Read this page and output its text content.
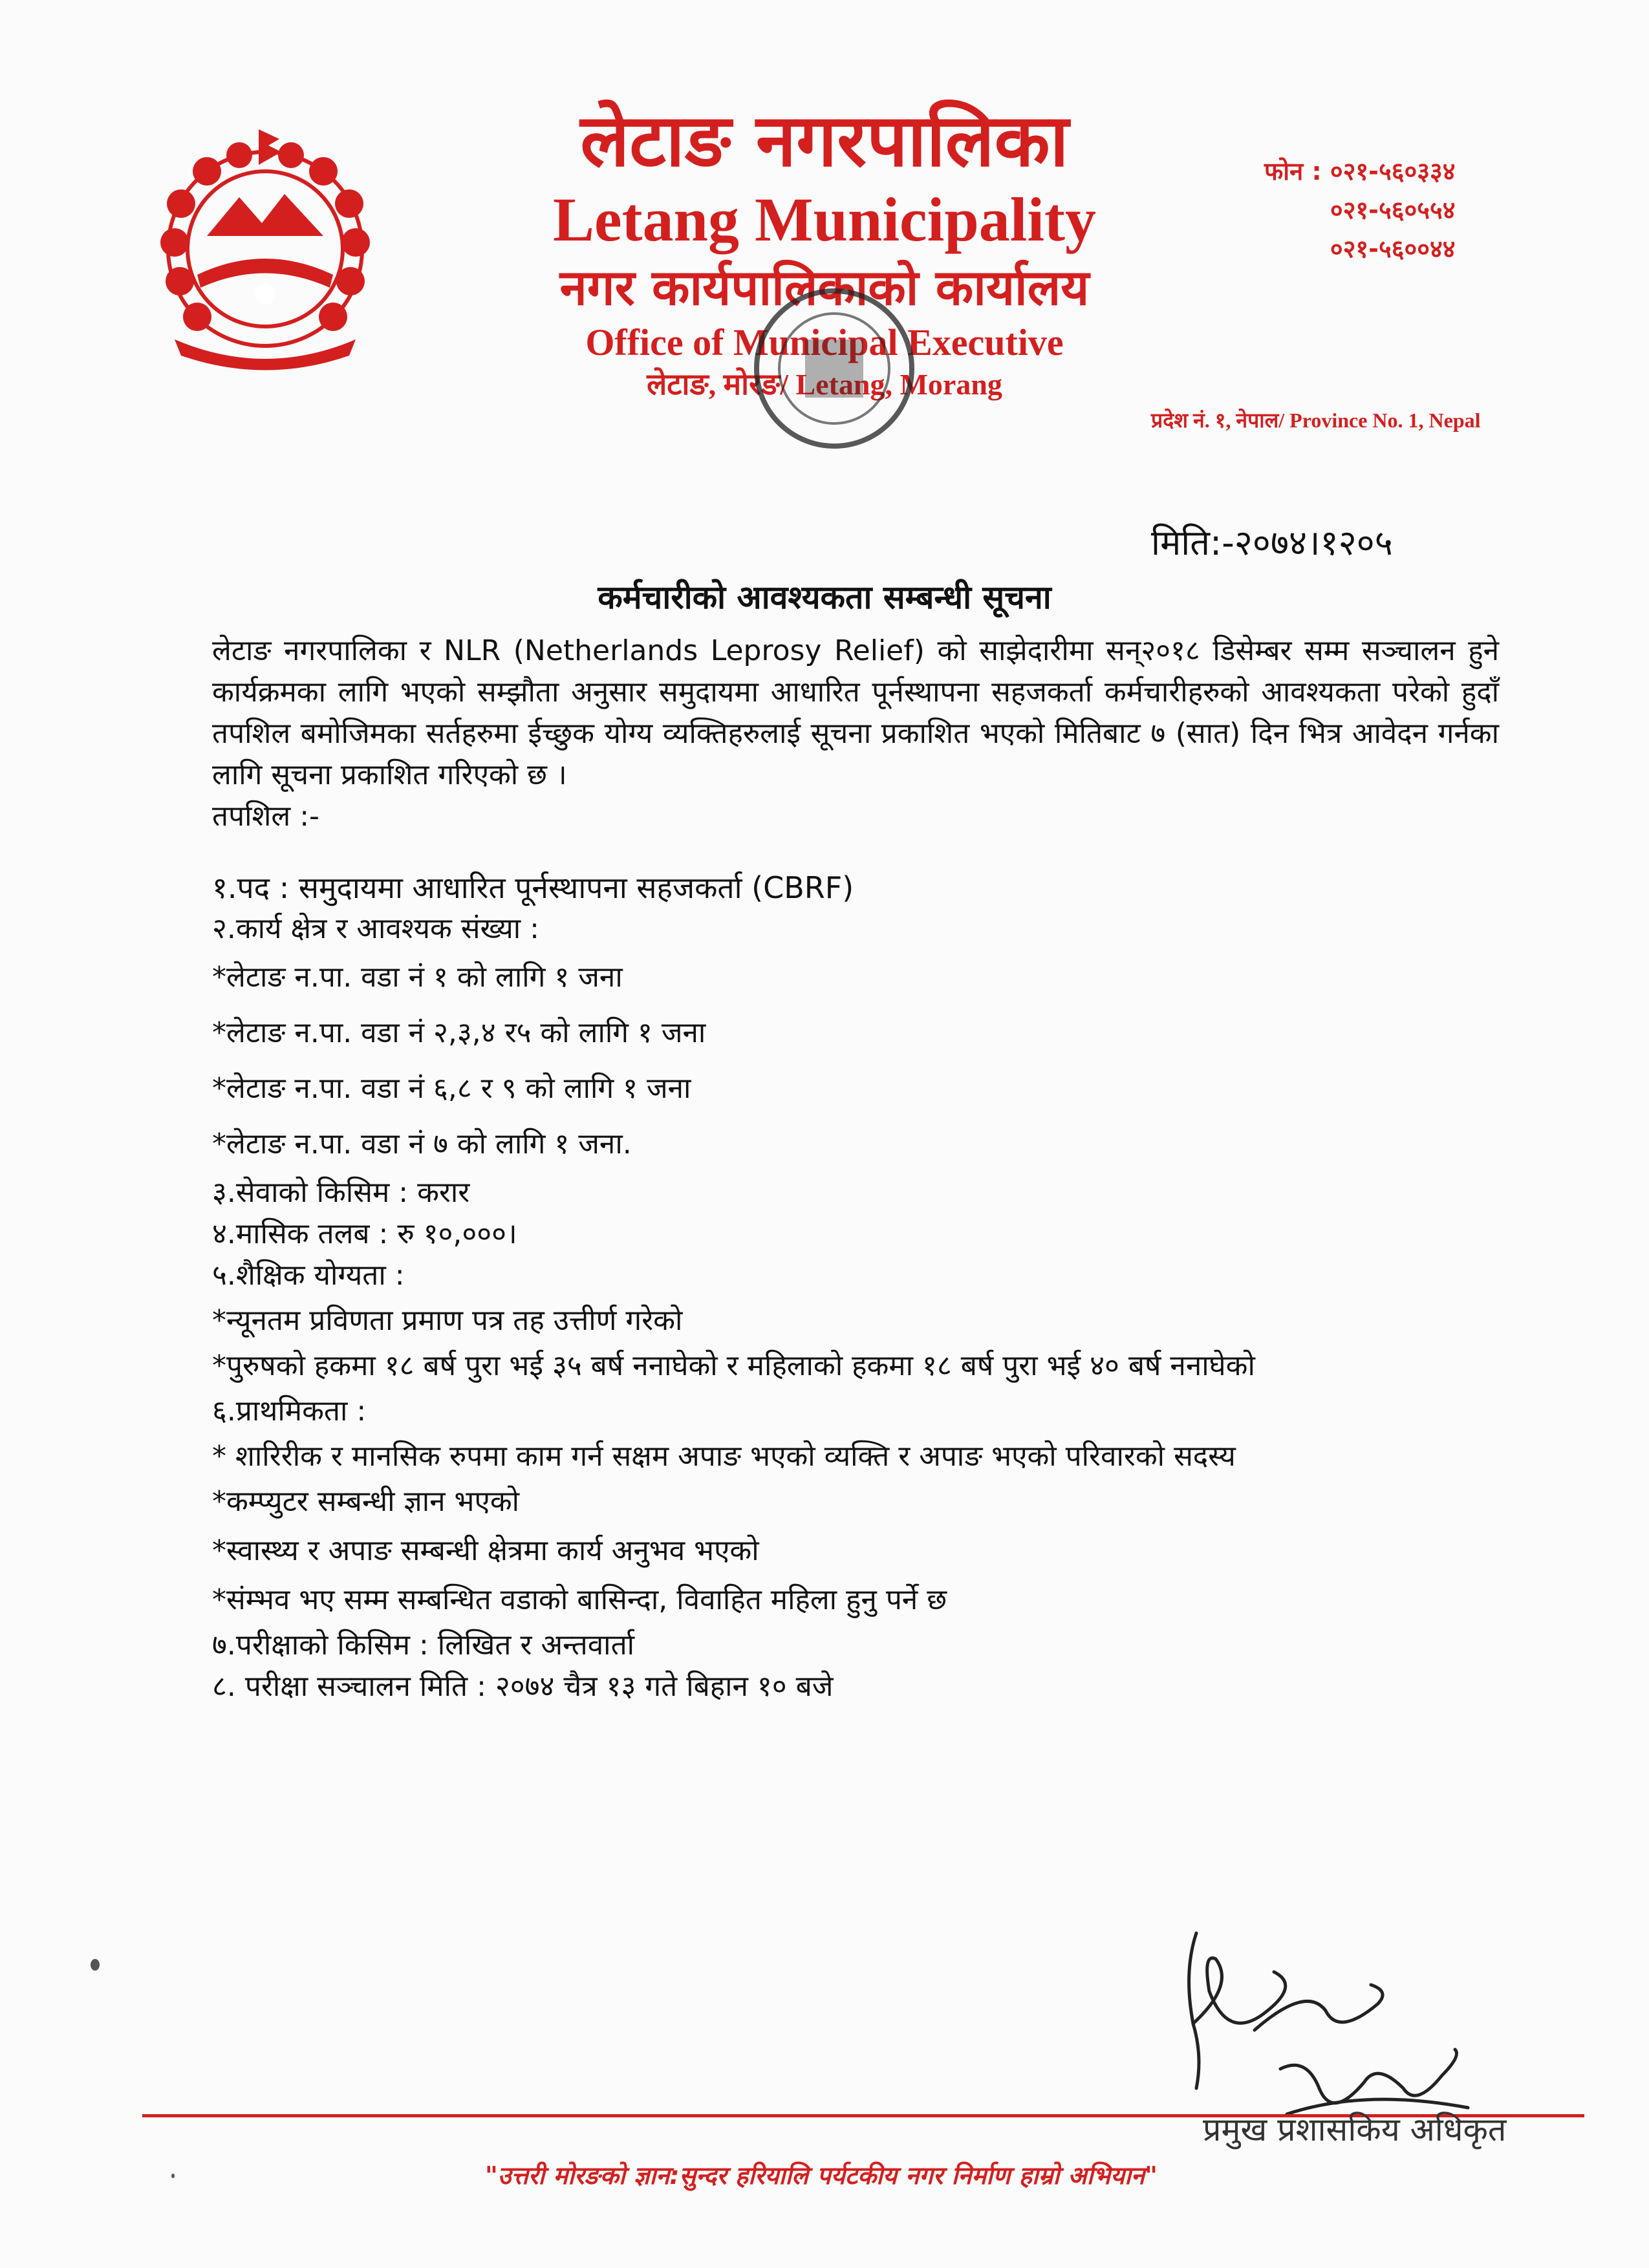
लेटाङ नगरपालिका

Letang Municipality

नगर कार्यपालिकाको कार्यालय

Office of Municipal Executive

लेटाङ, मोरङ/ Letang, Morang

फोन : ०२१-५६०३३४
०२१-५६०५५४
०२१-५६००४४
प्रदेश नं. १, नेपाल/ Province No. 1, Nepal
मिति:-२०७४।१२०५
कर्मचारीको आवश्यकता सम्बन्धी सूचना

लेटाङ नगरपालिका र NLR (Netherlands Leprosy Relief) को साझेदारीमा सन्२०१८ डिसेम्बर सम्म सञ्चालन हुने कार्यक्रमका लागि भएको सम्झौता अनुसार समुदायमा आधारित पूर्नस्थापना सहजकर्ता कर्मचारीहरुको आवश्यकता परेको हुदाँ तपशिल बमोजिमका सर्तहरुमा ईच्छुक योग्य व्यक्तिहरुलाई सूचना प्रकाशित भएको मितिबाट ७ (सात) दिन भित्र आवेदन गर्नका लागि सूचना प्रकाशित गरिएको छ ।

तपशिल :-

१.पद : समुदायमा आधारित पूर्नस्थापना सहजकर्ता (CBRF)

२.कार्य क्षेत्र र आवश्यक संख्या :

*लेटाङ न.पा. वडा नं १ को लागि १ जना

*लेटाङ न.पा. वडा नं २,३,४ र५ को लागि १ जना

*लेटाङ न.पा. वडा नं ६,८ र ९ को लागि १ जना

*लेटाङ न.पा. वडा नं ७ को लागि १ जना.

३.सेवाको किसिम : करार

४.मासिक तलब : रु १०,०००।

५.शैक्षिक योग्यता :

*न्यूनतम प्रविणता प्रमाण पत्र तह उत्तीर्ण गरेको

*पुरुषको हकमा १८ बर्ष पुरा भई ३५ बर्ष ननाघेको र महिलाको हकमा १८ बर्ष पुरा भई ४० बर्ष ननाघेको

६.प्राथमिकता :

* शारिरीक र मानसिक रुपमा काम गर्न सक्षम अपाङ भएको व्यक्ति र अपाङ भएको परिवारको सदस्य

*कम्प्युटर सम्बन्धी ज्ञान भएको

*स्वास्थ्य र अपाङ सम्बन्धी क्षेत्रमा कार्य अनुभव भएको

*संम्भव भए सम्म सम्बन्धित वडाको बासिन्दा, विवाहित महिला हुनु पर्ने छ

७.परीक्षाको किसिम : लिखित र अन्तवार्ता

८. परीक्षा सञ्चालन मिति : २०७४ चैत्र १३ गते बिहान १० बजे

प्रमुख प्रशासकिय अधिकृत
"उत्तरी मोरङको ज्ञान:सुन्दर हरियालि पर्यटकीय नगर निर्माण हाम्रो अभियान"
